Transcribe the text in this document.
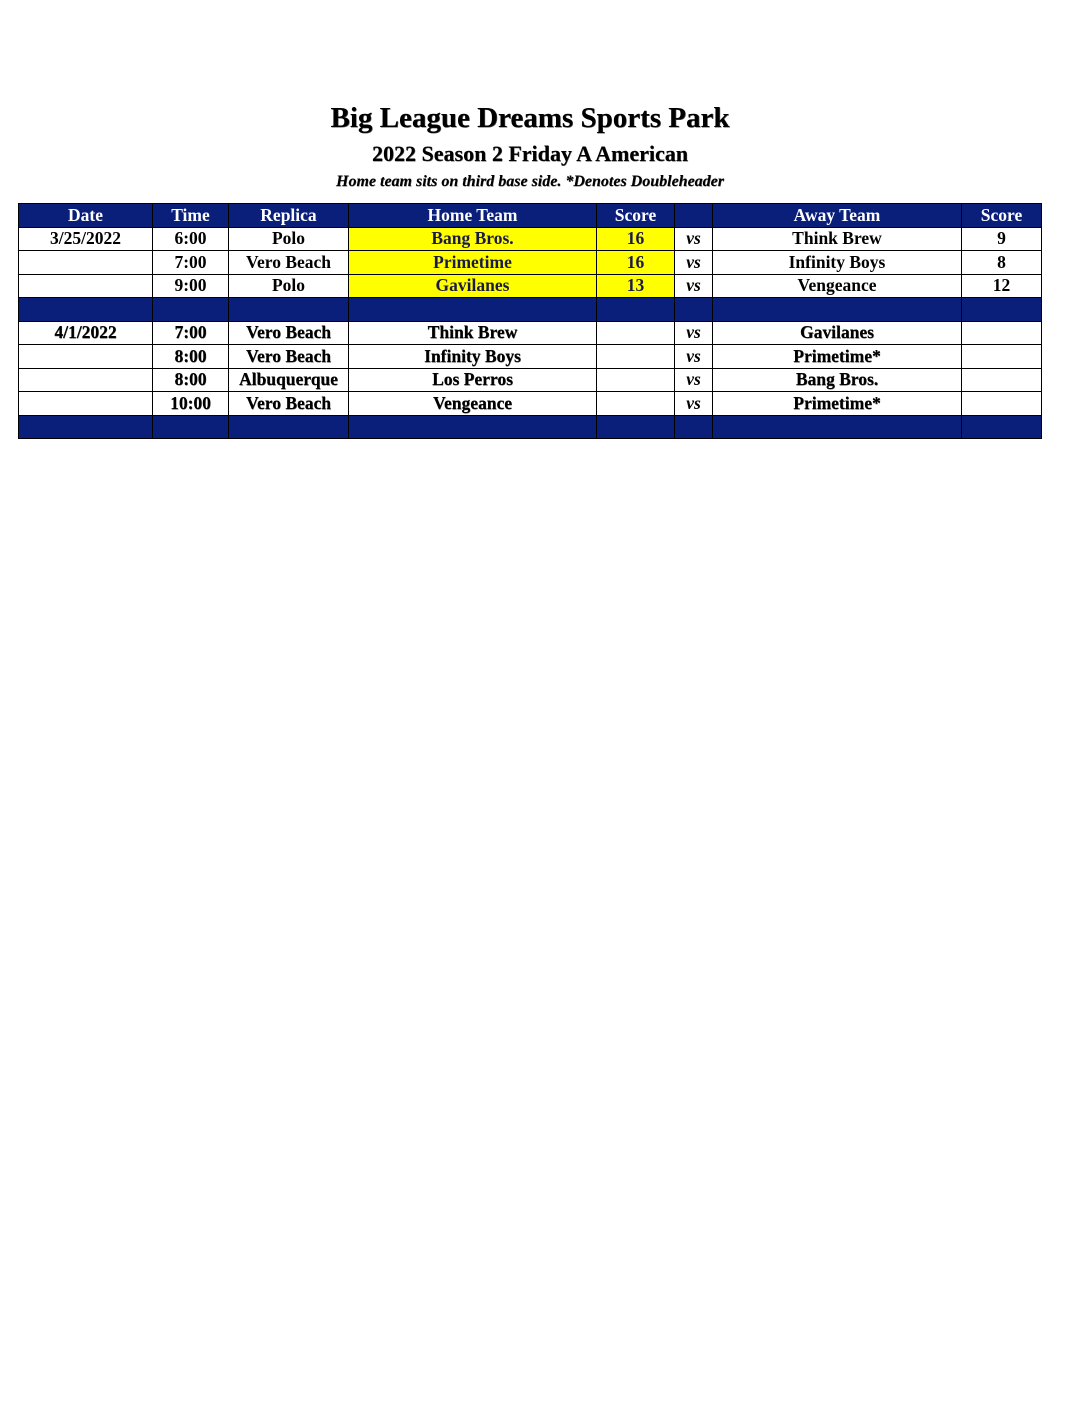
Big League Dreams Sports Park
2022 Season 2 Friday A American
Home team sits on third base side. *Denotes Doubleheader
Date	Time	Replica	Home Team	Score		Away Team	Score
3/25/2022	6:00	Polo	Bang Bros.	16	vs	Think Brew	9
	7:00	Vero Beach	Primetime	16	vs	Infinity Boys	8
	9:00	Polo	Gavilanes	13	vs	Vengeance	12

4/1/2022	7:00	Vero Beach	Think Brew		vs	Gavilanes	
	8:00	Vero Beach	Infinity Boys		vs	Primetime*	
	8:00	Albuquerque	Los Perros		vs	Bang Bros.	
	10:00	Vero Beach	Vengeance		vs	Primetime*	
